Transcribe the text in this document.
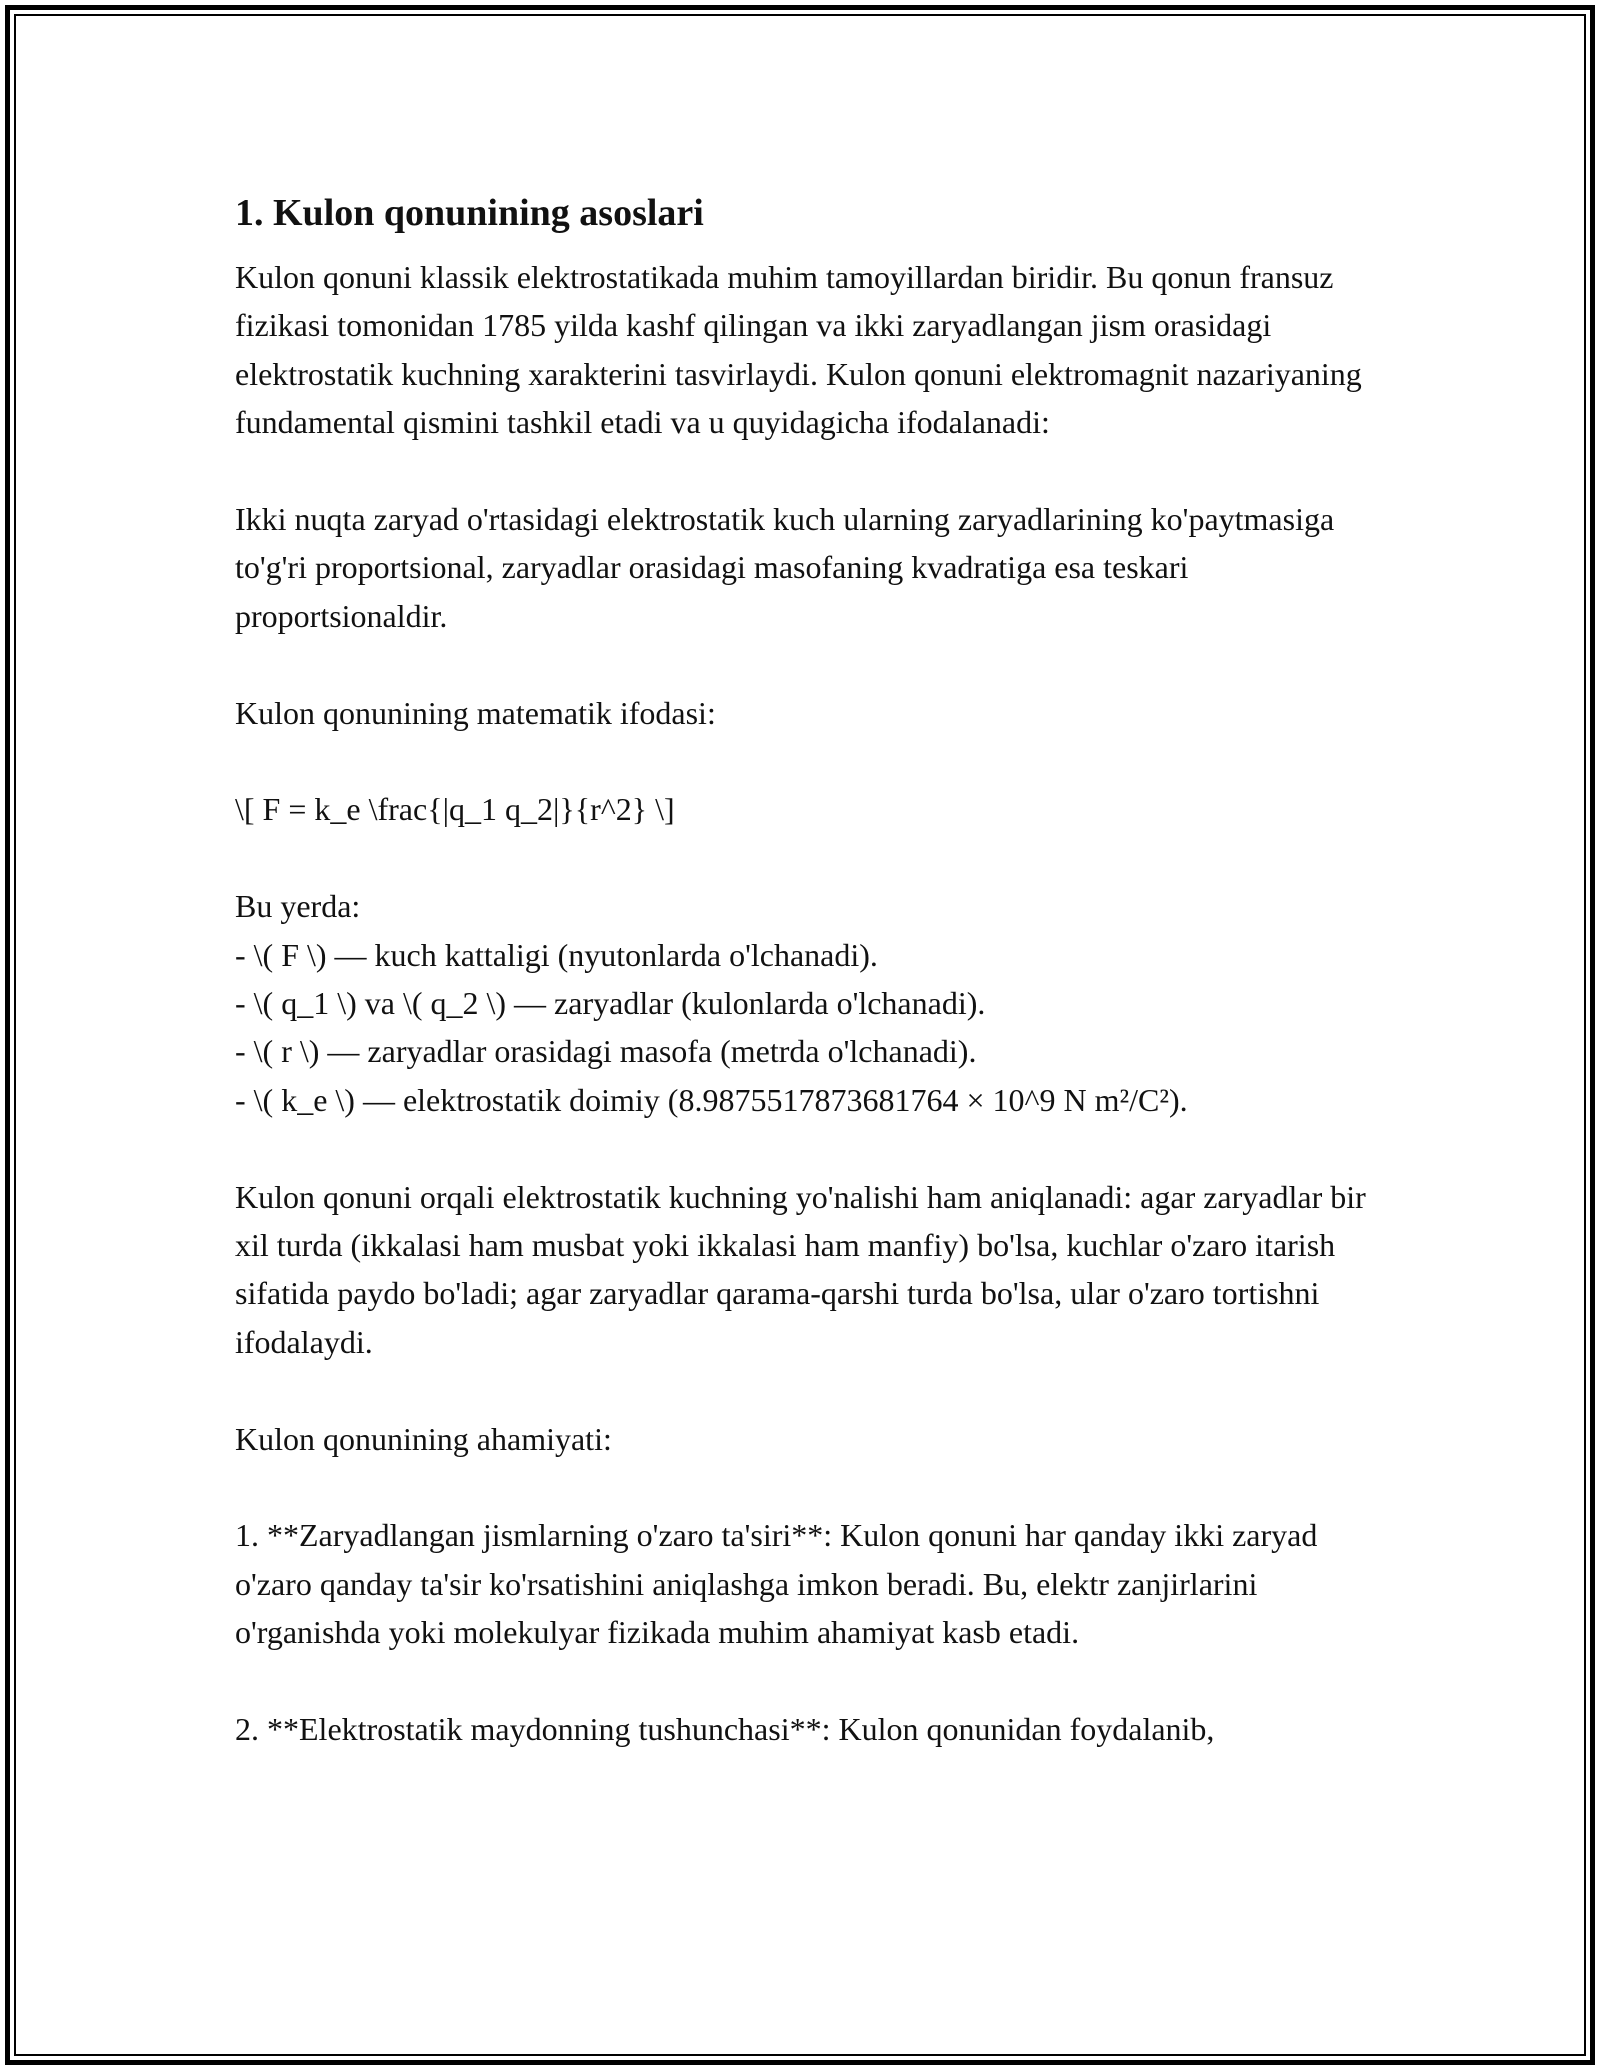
1. Kulon qonunining asoslari

Kulon qonuni klassik elektrostatikada muhim tamoyillardan biridir. Bu qonun fransuz fizikasi tomonidan 1785 yilda kashf qilingan va ikki zaryadlangan jism orasidagi elektrostatik kuchning xarakterini tasvirlaydi. Kulon qonuni elektromagnit nazariyaning fundamental qismini tashkil etadi va u quyidagicha ifodalanadi:

Ikki nuqta zaryad o'rtasidagi elektrostatik kuch ularning zaryadlarining ko'paytmasiga to'g'ri proportsional, zaryadlar orasidagi masofaning kvadratiga esa teskari proportsionaldir.

Kulon qonunining matematik ifodasi:

\[ F = k_e \frac{|q_1 q_2|}{r^2} \]

Bu yerda:
- \( F \) — kuch kattaligi (nyutonlarda o'lchanadi).
- \( q_1 \) va \( q_2 \) — zaryadlar (kulonlarda o'lchanadi).
- \( r \) — zaryadlar orasidagi masofa (metrda o'lchanadi).
- \( k_e \) — elektrostatik doimiy (8.9875517873681764 × 10^9 N m²/C²).

Kulon qonuni orqali elektrostatik kuchning yo'nalishi ham aniqlanadi: agar zaryadlar bir xil turda (ikkalasi ham musbat yoki ikkalasi ham manfiy) bo'lsa, kuchlar o'zaro itarish sifatida paydo bo'ladi; agar zaryadlar qarama-qarshi turda bo'lsa, ular o'zaro tortishni ifodalaydi.

Kulon qonunining ahamiyati:

1. **Zaryadlangan jismlarning o'zaro ta'siri**: Kulon qonuni har qanday ikki zaryad o'zaro qanday ta'sir ko'rsatishini aniqlashga imkon beradi. Bu, elektr zanjirlarini o'rganishda yoki molekulyar fizikada muhim ahamiyat kasb etadi.

2. **Elektrostatik maydonning tushunchasi**: Kulon qonunidan foydalanib,
